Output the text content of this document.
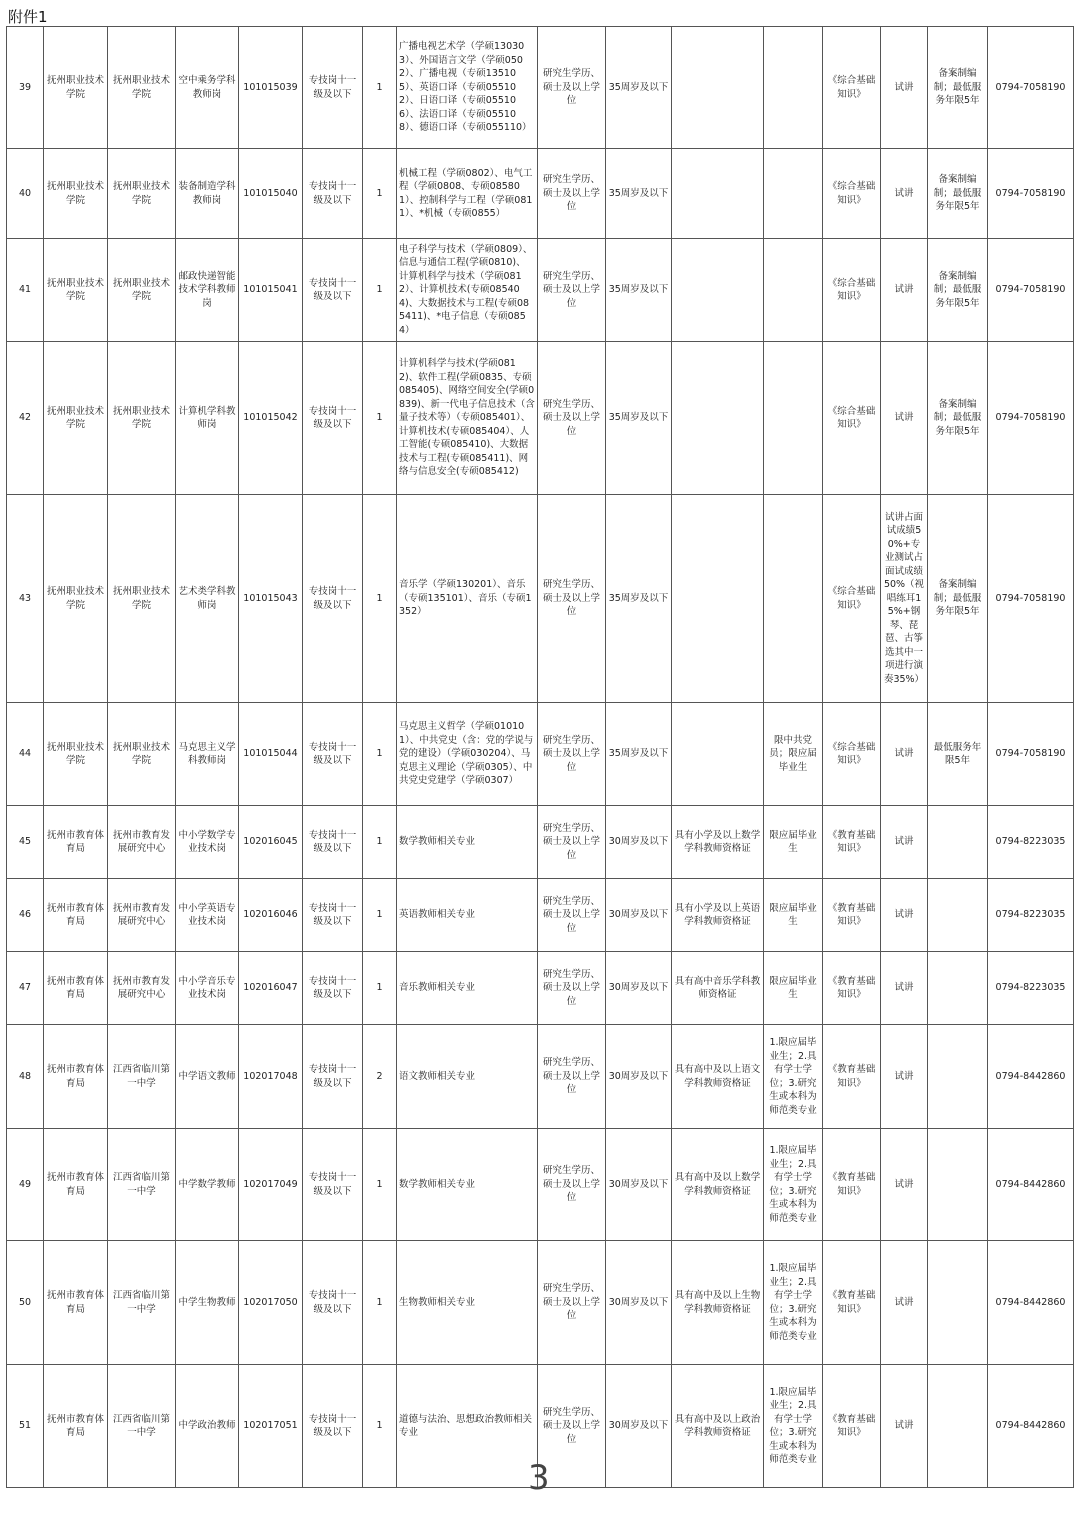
附件1
39	抚州职业技术学院	抚州职业技术学院	空中乘务学科教师岗	101015039	专技岗十一级及以下	1	广播电视艺术学（学硕130303）、外国语言文学（学硕0502）、广播电视（专硕135105）、英语口译（专硕055102）、日语口译（专硕055106）、法语口译（专硕055108）、德语口译（专硕055110）	研究生学历、硕士及以上学位	35周岁及以下			《综合基础知识》	试讲	备案制编制；最低服务年限5年	0794-7058190
40	抚州职业技术学院	抚州职业技术学院	装备制造学科教师岗	101015040	专技岗十一级及以下	1	机械工程（学硕0802）、电气工程（学硕0808、专硕085801）、控制科学与工程（学硕0811）、*机械（专硕0855）	研究生学历、硕士及以上学位	35周岁及以下			《综合基础知识》	试讲	备案制编制；最低服务年限5年	0794-7058190
41	抚州职业技术学院	抚州职业技术学院	邮政快递智能技术学科教师岗	101015041	专技岗十一级及以下	1	电子科学与技术（学硕0809）、信息与通信工程(学硕0810)、计算机科学与技术（学硕0812）、计算机技术(专硕085404)、大数据技术与工程(专硕085411)、*电子信息（专硕0854）	研究生学历、硕士及以上学位	35周岁及以下			《综合基础知识》	试讲	备案制编制；最低服务年限5年	0794-7058190
42	抚州职业技术学院	抚州职业技术学院	计算机学科教师岗	101015042	专技岗十一级及以下	1	计算机科学与技术(学硕0812)、软件工程(学硕0835、专硕085405)、网络空间安全(学硕0839)、新一代电子信息技术（含量子技术等）（专硕085401）、计算机技术(专硕085404）、人工智能(专硕085410)、大数据技术与工程(专硕085411)、网络与信息安全(专硕085412)	研究生学历、硕士及以上学位	35周岁及以下			《综合基础知识》	试讲	备案制编制；最低服务年限5年	0794-7058190
43	抚州职业技术学院	抚州职业技术学院	艺术类学科教师岗	101015043	专技岗十一级及以下	1	音乐学（学硕130201）、音乐（专硕135101）、音乐（专硕1352）	研究生学历、硕士及以上学位	35周岁及以下			《综合基础知识》	试讲占面试成绩50%+专业测试占面试成绩50%（视唱练耳15%+钢琴、琵琶、古筝选其中一项进行演奏35%）	备案制编制；最低服务年限5年	0794-7058190
44	抚州职业技术学院	抚州职业技术学院	马克思主义学科教师岗	101015044	专技岗十一级及以下	1	马克思主义哲学（学硕010101）、中共党史（含：党的学说与党的建设）（学硕030204）、马克思主义理论（学硕0305）、中共党史党建学（学硕0307）	研究生学历、硕士及以上学位	35周岁及以下		限中共党员；限应届毕业生	《综合基础知识》	试讲	最低服务年限5年	0794-7058190
45	抚州市教育体育局	抚州市教育发展研究中心	中小学数学专业技术岗	102016045	专技岗十一级及以下	1	数学教师相关专业	研究生学历、硕士及以上学位	30周岁及以下	具有小学及以上数学学科教师资格证	限应届毕业生	《教育基础知识》	试讲		0794-8223035
46	抚州市教育体育局	抚州市教育发展研究中心	中小学英语专业技术岗	102016046	专技岗十一级及以下	1	英语教师相关专业	研究生学历、硕士及以上学位	30周岁及以下	具有小学及以上英语学科教师资格证	限应届毕业生	《教育基础知识》	试讲		0794-8223035
47	抚州市教育体育局	抚州市教育发展研究中心	中小学音乐专业技术岗	102016047	专技岗十一级及以下	1	音乐教师相关专业	研究生学历、硕士及以上学位	30周岁及以下	具有高中音乐学科教师资格证	限应届毕业生	《教育基础知识》	试讲		0794-8223035
48	抚州市教育体育局	江西省临川第一中学	中学语文教师	102017048	专技岗十一级及以下	2	语文教师相关专业	研究生学历、硕士及以上学位	30周岁及以下	具有高中及以上语文学科教师资格证	1.限应届毕业生；2.具有学士学位；3.研究生或本科为师范类专业	《教育基础知识》	试讲		0794-8442860
49	抚州市教育体育局	江西省临川第一中学	中学数学教师	102017049	专技岗十一级及以下	1	数学教师相关专业	研究生学历、硕士及以上学位	30周岁及以下	具有高中及以上数学学科教师资格证	1.限应届毕业生；2.具有学士学位；3.研究生或本科为师范类专业	《教育基础知识》	试讲		0794-8442860
50	抚州市教育体育局	江西省临川第一中学	中学生物教师	102017050	专技岗十一级及以下	1	生物教师相关专业	研究生学历、硕士及以上学位	30周岁及以下	具有高中及以上生物学科教师资格证	1.限应届毕业生；2.具有学士学位；3.研究生或本科为师范类专业	《教育基础知识》	试讲		0794-8442860
51	抚州市教育体育局	江西省临川第一中学	中学政治教师	102017051	专技岗十一级及以下	1	道德与法治、思想政治教师相关专业	研究生学历、硕士及以上学位	30周岁及以下	具有高中及以上政治学科教师资格证	1.限应届毕业生；2.具有学士学位；3.研究生或本科为师范类专业	《教育基础知识》	试讲		0794-8442860
3
